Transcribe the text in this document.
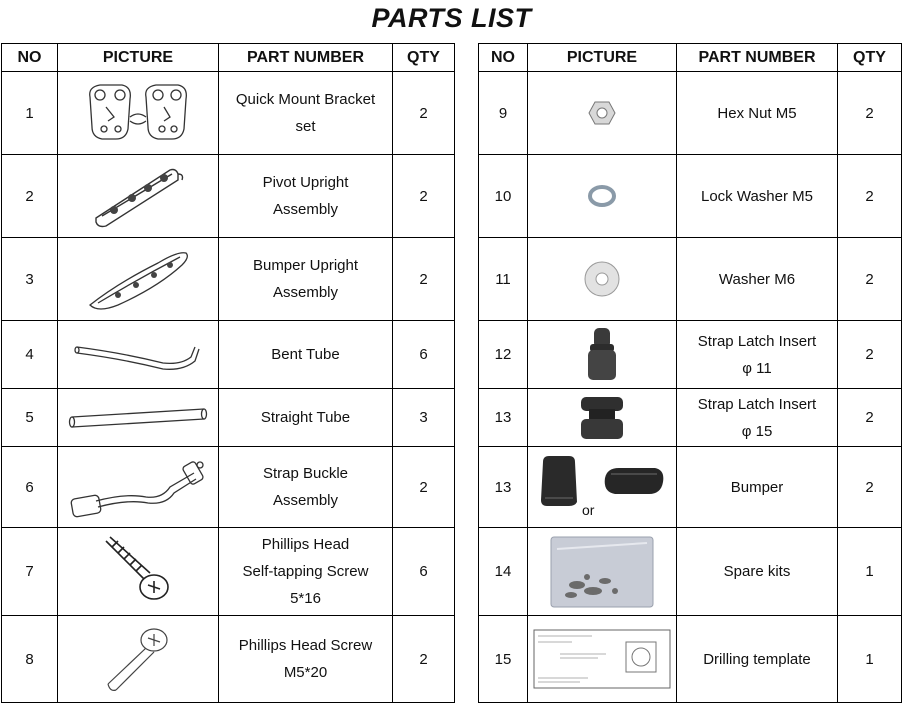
PARTS LIST
NO	PICTURE	PART NUMBER	QTY
1		Quick Mount Bracket
set	2
2		Pivot Upright
Assembly	2
3		Bumper Upright
Assembly	2
4		Bent Tube	6
5		Straight Tube	3
6		Strap Buckle
Assembly	2
7		Phillips Head
Self-tapping Screw
5*16	6
8		Phillips Head Screw
M5*20	2
NO	PICTURE	PART NUMBER	QTY
9		Hex Nut M5	2
10		Lock Washer M5	2
11		Washer M6	2
12		Strap Latch Insert
φ 11	2
13		Strap Latch Insert
φ 15	2
13	or	Bumper	2
14		Spare kits	1
15		Drilling template	1
